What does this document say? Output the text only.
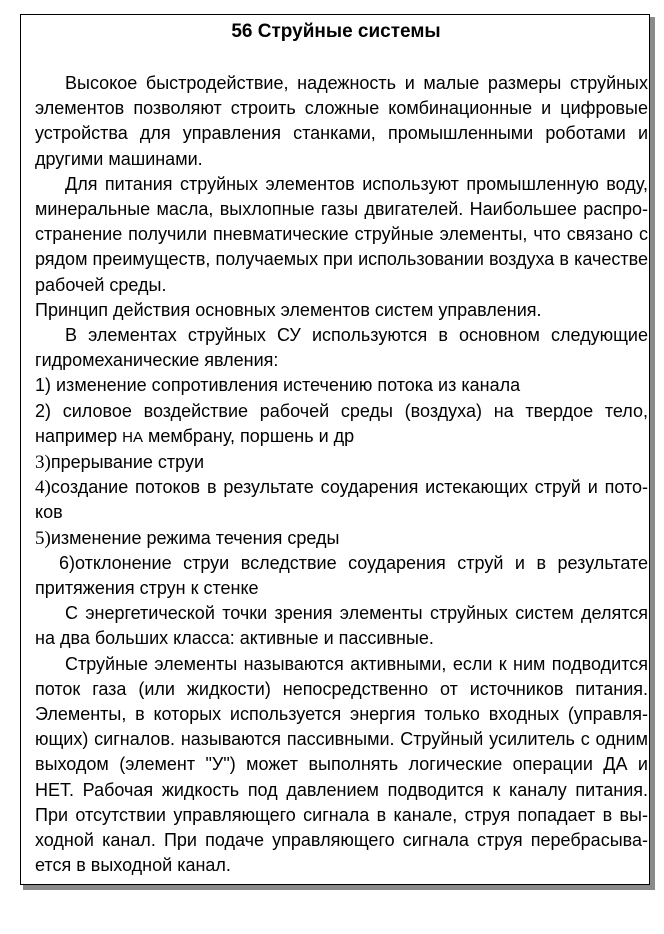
56 Струйные системы

Высокое быстродействие, надежность и малые размеры струйных элементов позволяют строить сложные комбинационные и цифровые устройства для управления станками, промышленными роботами и другими машинами.

Для питания струйных элементов используют промышленную воду, минеральные масла, выхлопные газы двигателей. Наибольшее распространение получили пневматические струйные элементы, что связано с рядом преимуществ, получаемых при использовании воздуха в качестве рабочей среды.

Принцип действия основных элементов систем управления.

В элементах струйных СУ используются в основном следующие гидромеханические явления:

1) изменение сопротивления истечению потока из канала

2) силовое воздействие рабочей среды (воздуха) на твердое тело, например НА мембрану, поршень и др

3)прерывание струи

4)создание потоков в результате соударения истекающих струй и потоков

5)изменение режима течения среды

6)отклонение струи вследствие соударения струй и в результате притяжения струн к стенке

С энергетической точки зрения элементы струйных систем делятся на два больших класса: активные и пассивные.

Струйные элементы называются активными, если к ним подводится поток газа (или жидкости) непосредственно от источников питания. Элементы, в которых используется энергия только входных (управляющих) сигналов. называются пассивными. Струйный усилитель с одним выходом (элемент "У") может выполнять логические операции ДА и НЕТ. Рабочая жидкость под давлением подводится к каналу питания. При отсутствии управляющего сигнала в канале, струя попадает в выходной канал. При подаче управляющего сигнала струя перебрасывается в выходной канал.
